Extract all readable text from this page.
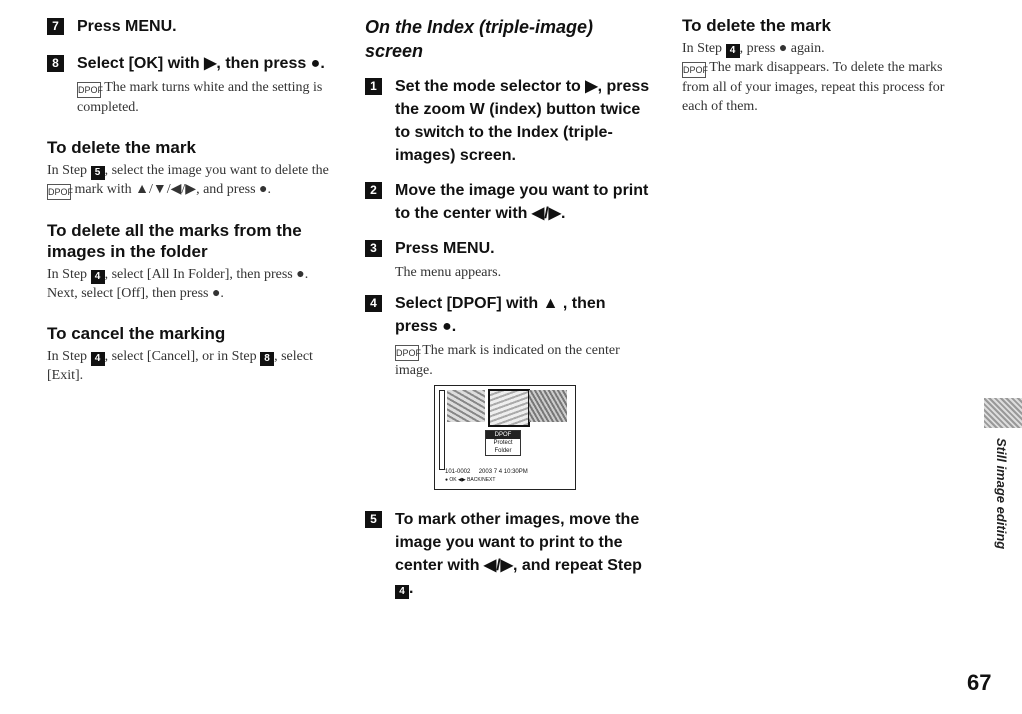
7	Press MENU.
8	Select [OK] with ▶, then press ●.
DPOF The mark turns white and the setting is completed.

To delete the mark

In Step 5 , select the image you want to delete the DPOF mark with ▲/▼/◀/▶, and press ●.

To delete all the marks from the images in the folder

In Step 4 , select [All In Folder], then press ●. Next, select [Off], then press ●.

To cancel the marking

In Step 4 , select [Cancel], or in Step 8 , select [Exit].
On the Index (triple-image) screen
1	Set the mode selector to ▶, press the zoom W (index) button twice to switch to the Index (triple-images) screen.
2	Move the image you want to print to the center with ◀/▶.
3	Press MENU.
The menu appears.
4	Select [DPOF] with ▲ , then press ●.
DPOF The mark is indicated on the center image.
DPOF
Protect
Folder
101-0002 2003 7 4 10:30PM
● OK ◀▶ BACK/NEXT
5	To mark other images, move the image you want to print to the center with ◀/▶, and repeat Step 4 .

To delete the mark

In Step 4 , press ● again.
DPOF The mark disappears. To delete the marks from all of your images, repeat this process for each of them.
Still image editing
67
